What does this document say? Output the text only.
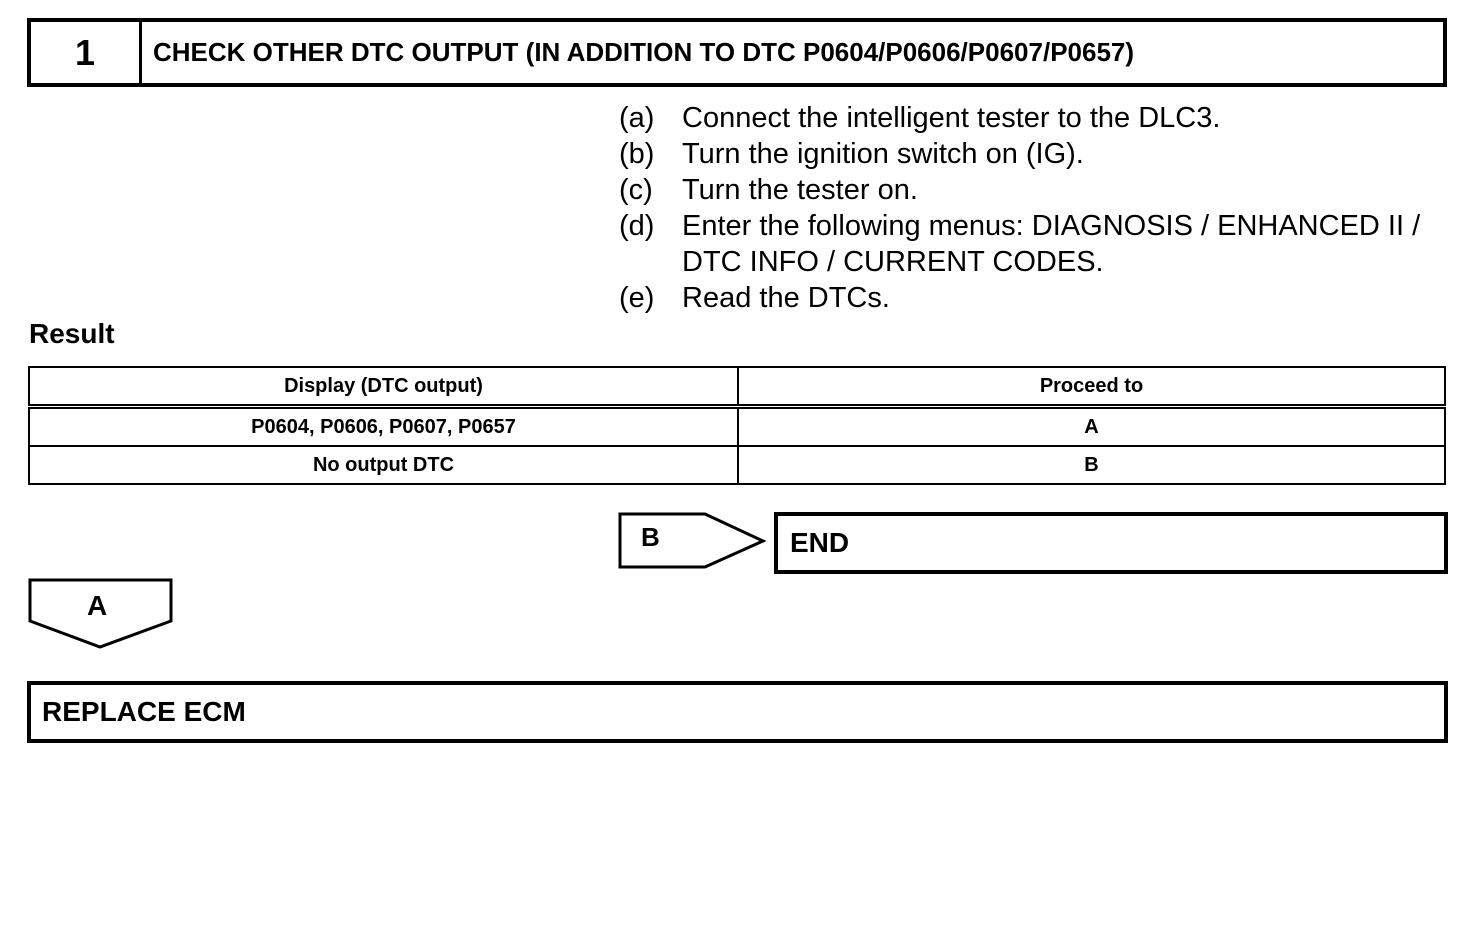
1	CHECK OTHER DTC OUTPUT (IN ADDITION TO DTC P0604/P0606/P0607/P0657)
(a) Connect the intelligent tester to the DLC3.
(b) Turn the ignition switch on (IG).
(c)	Turn the tester on.
(d) Enter the following menus: DIAGNOSIS / ENHANCED II / DTC INFO / CURRENT CODES.
(e) Read the DTCs.
Result
Display (DTC output)	Proceed to
P0604, P0606, P0607, P0657	A
No output DTC	B
B	END
A
REPLACE ECM
